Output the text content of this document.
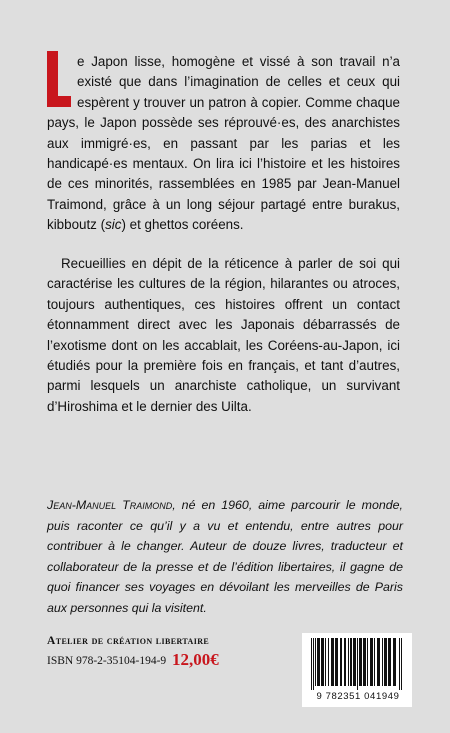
e Japon lisse, homogène et vissé à son travail n’a existé que dans l’imagination de celles et ceux qui espèrent y trouver un patron à copier. Comme chaque pays, le Japon possède ses réprouvé·es, des anarchistes aux immigré·es, en passant par les parias et les handicapé·es mentaux. On lira ici l’histoire et les histoires de ces minorités, rassemblées en 1985 par Jean-Manuel Traimond, grâce à un long séjour partagé entre burakus, kibboutz (sic) et ghettos coréens.
Recueillies en dépit de la réticence à parler de soi qui caractérise les cultures de la région, hilarantes ou atroces, toujours authentiques, ces histoires offrent un contact étonnamment direct avec les Japonais débarrassés de l’exotisme dont on les accablait, les Coréens-au-Japon, ici étudiés pour la première fois en français, et tant d’autres, parmi lesquels un anarchiste catholique, un survivant d’Hiroshima et le dernier des Uilta.
Jean-Manuel Traimond, né en 1960, aime parcourir le monde, puis raconter ce qu’il y a vu et entendu, entre autres pour contribuer à le changer. Auteur de douze livres, traducteur et collaborateur de la presse et de l’édition libertaires, il gagne de quoi financer ses voyages en dévoilant les merveilles de Paris aux personnes qui la visitent.
Atelier de création libertaire
ISBN 978-2-35104-194-9 12,00€
9 782351 041949
